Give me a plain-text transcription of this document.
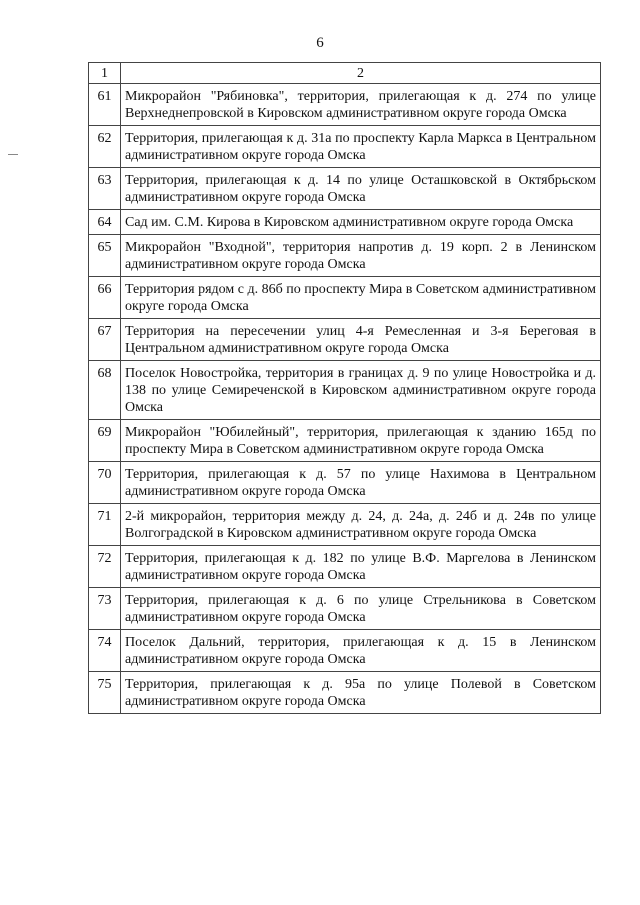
6
1	2
61	Микрорайон "Рябиновка", территория, прилегающая к д. 274 по улице Верхнеднепровской в Кировском административном округе города Омска
62	Территория, прилегающая к д. 31а по проспекту Карла Маркса в Центральном административном округе города Омска
63	Территория, прилегающая к д. 14 по улице Осташковской в Октябрьском административном округе города Омска
64	Сад им. С.М. Кирова в Кировском административном округе города Омска
65	Микрорайон "Входной", территория напротив д. 19 корп. 2 в Ленинском административном округе города Омска
66	Территория рядом с д. 86б по проспекту Мира в Советском административном округе города Омска
67	Территория на пересечении улиц 4-я Ремесленная и 3-я Береговая в Центральном административном округе города Омска
68	Поселок Новостройка, территория в границах д. 9 по улице Новостройка и д. 138 по улице Семиреченской в Кировском административном округе города Омска
69	Микрорайон "Юбилейный", территория, прилегающая к зданию 165д по проспекту Мира в Советском административном округе города Омска
70	Территория, прилегающая к д. 57 по улице Нахимова в Центральном административном округе города Омска
71	2-й микрорайон, территория между д. 24, д. 24а, д. 24б и д. 24в по улице Волгоградской в Кировском административном округе города Омска
72	Территория, прилегающая к д. 182 по улице В.Ф. Маргелова в Ленинском административном округе города Омска
73	Территория, прилегающая к д. 6 по улице Стрельникова в Советском административном округе города Омска
74	Поселок Дальний, территория, прилегающая к д. 15 в Ленинском административном округе города Омска
75	Территория, прилегающая к д. 95а по улице Полевой в Советском административном округе города Омска
